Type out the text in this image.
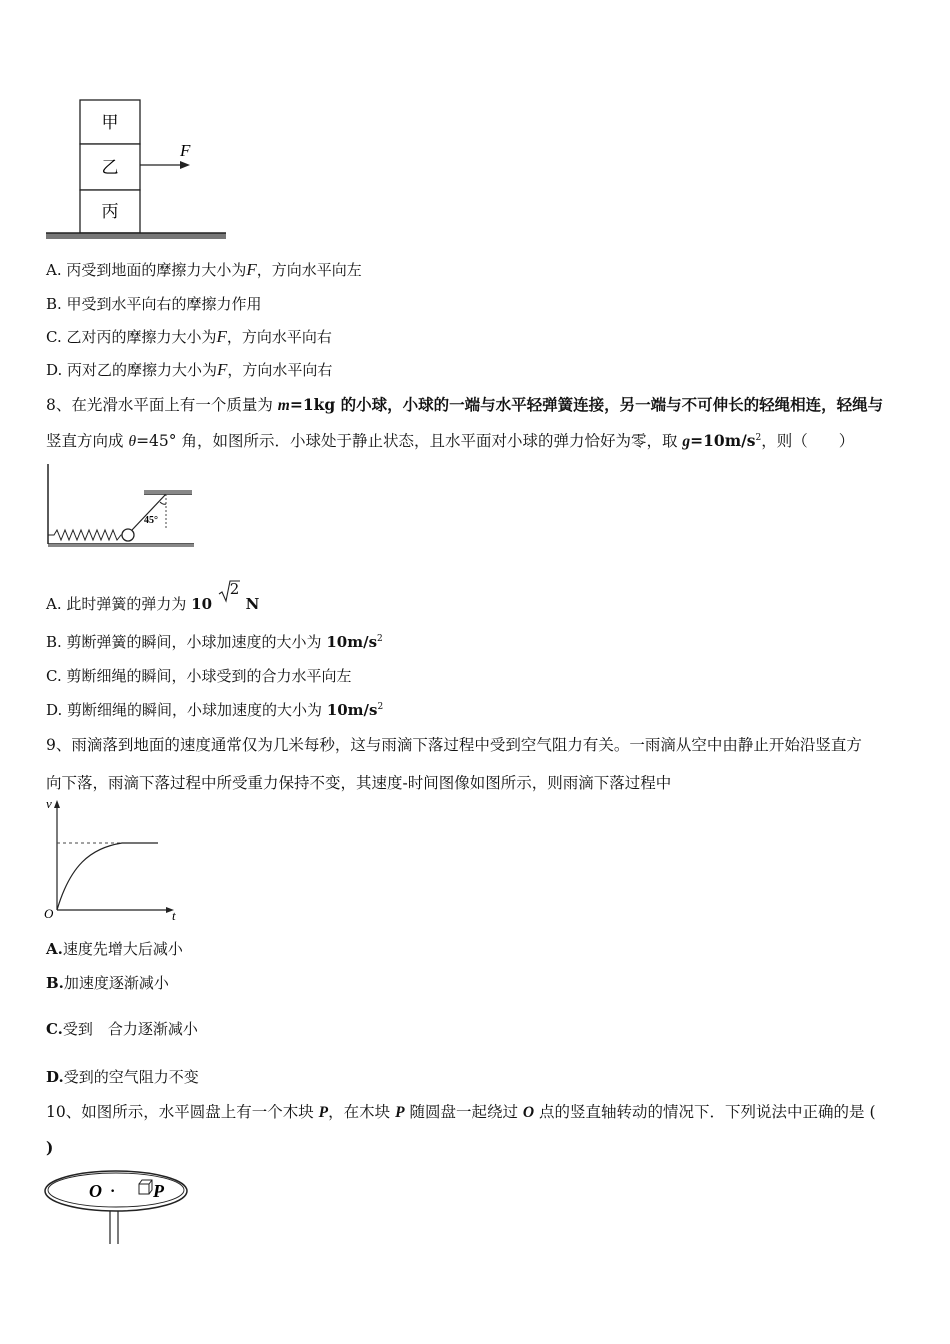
甲
乙
丙
F
A. 丙受到地面的摩擦力大小为F，方向水平向左
B. 甲受到水平向右的摩擦力作用
C. 乙对丙的摩擦力大小为F，方向水平向右
D. 丙对乙的摩擦力大小为F，方向水平向右
8、在光滑水平面上有一个质量为 m=1kg 的小球，小球的一端与水平轻弹簧连接，另一端与不可伸长的轻绳相连，轻绳与
竖直方向成 θ=45° 角，如图所示．小球处于静止状态，且水平面对小球的弹力恰好为零，取 $g=10m/s^2$，则（　　）
45°
A. 此时弹簧的弹力为 10
2
N
B. 剪断弹簧的瞬间，小球加速度的大小为 $10m/s^2$
C. 剪断细绳的瞬间，小球受到的合力水平向左
D. 剪断细绳的瞬间，小球加速度的大小为 $10m/s^2$
9、雨滴落到地面的速度通常仅为几米每秒，这与雨滴下落过程中受到空气阻力有关。一雨滴从空中由静止开始沿竖直方
向下落，雨滴下落过程中所受重力保持不变，其速度-时间图像如图所示，则雨滴下落过程中
v
t
O
A.速度先增大后减小
B.加速度逐渐减小
C.受到　合力逐渐减小
D.受到的空气阻力不变
10、如图所示，水平圆盘上有一个木块 P，在木块 P 随圆盘一起绕过 O 点的竖直轴转动的情况下．下列说法中正确的是 (
)
O · P
